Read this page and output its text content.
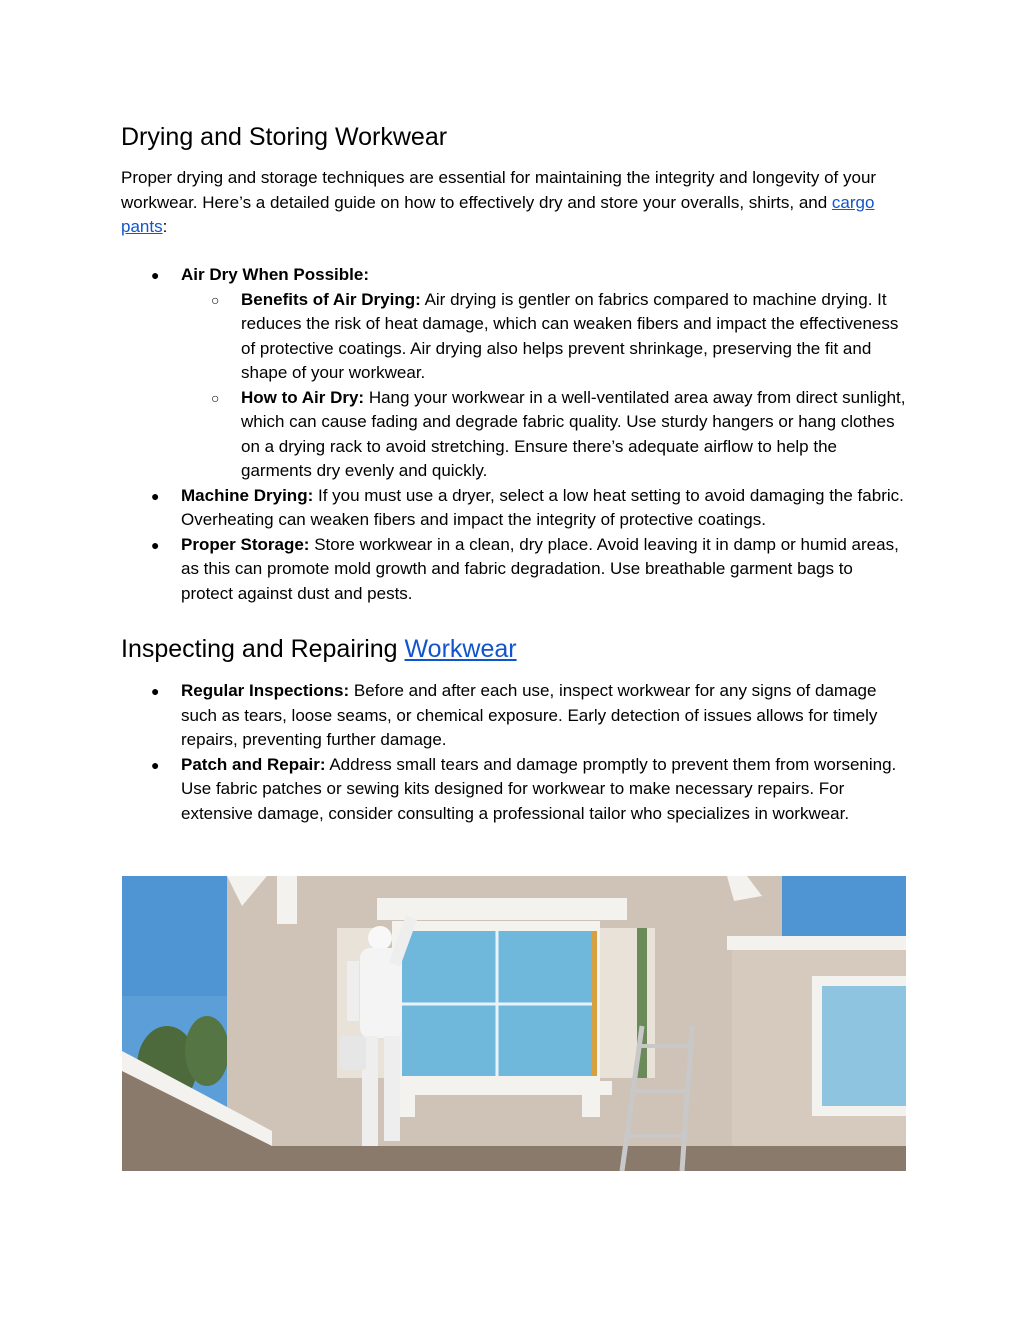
Drying and Storing Workwear

Proper drying and storage techniques are essential for maintaining the integrity and longevity of your workwear. Here’s a detailed guide on how to effectively dry and store your overalls, shirts, and cargo pants:

●	Air Dry When Possible:
○	Benefits of Air Drying: Air drying is gentler on fabrics compared to machine drying. It reduces the risk of heat damage, which can weaken fibers and impact the effectiveness of protective coatings. Air drying also helps prevent shrinkage, preserving the fit and shape of your workwear.
○	How to Air Dry: Hang your workwear in a well-ventilated area away from direct sunlight, which can cause fading and degrade fabric quality. Use sturdy hangers or hang clothes on a drying rack to avoid stretching. Ensure there’s adequate airflow to help the garments dry evenly and quickly.
●	Machine Drying: If you must use a dryer, select a low heat setting to avoid damaging the fabric. Overheating can weaken fibers and impact the integrity of protective coatings.
●	Proper Storage: Store workwear in a clean, dry place. Avoid leaving it in damp or humid areas, as this can promote mold growth and fabric degradation. Use breathable garment bags to protect against dust and pests.
Inspecting and Repairing Workwear
●	Regular Inspections: Before and after each use, inspect workwear for any signs of damage such as tears, loose seams, or chemical exposure. Early detection of issues allows for timely repairs, preventing further damage.
●	Patch and Repair: Address small tears and damage promptly to prevent them from worsening. Use fabric patches or sewing kits designed for workwear to make necessary repairs. For extensive damage, consider consulting a professional tailor who specializes in workwear.
